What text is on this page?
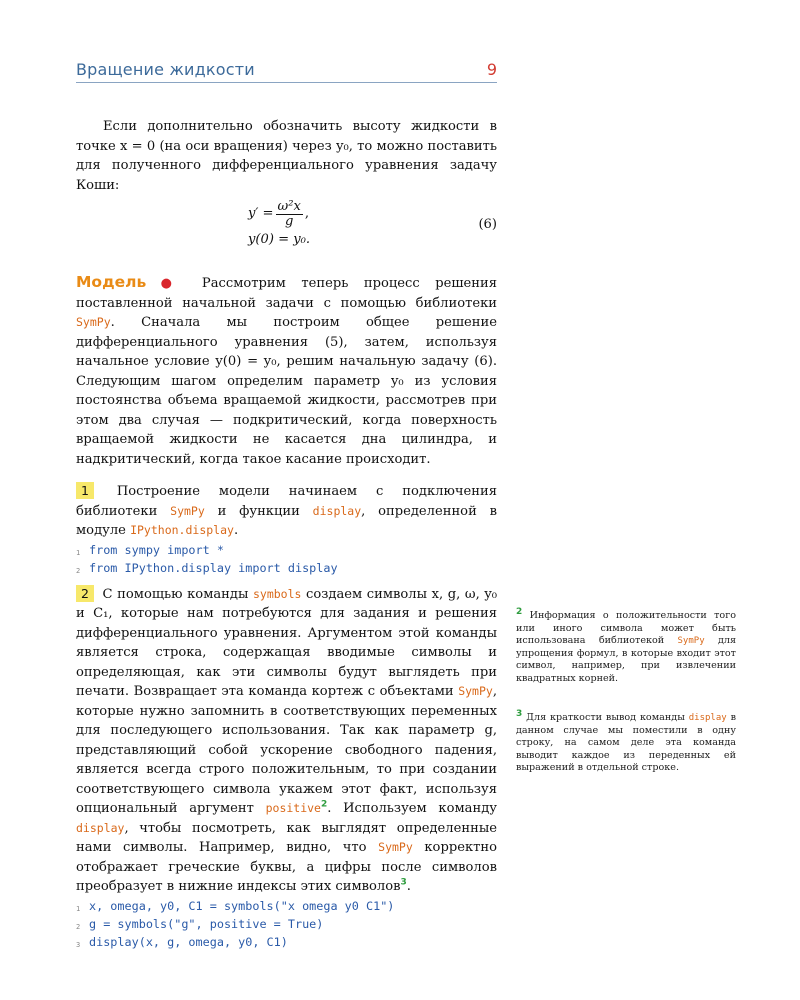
Вращение жидкости	9

Если дополнительно обозначить высоту жидкости в точке x = 0 (на оси вращения) через y₀, то можно поставить для полученного дифференциального уравнения задачу Коши:

$y' = \frac{\text{ω²x}}{g}$ ,
y(0) = y₀.
(6)

Модель ● Рассмотрим теперь процесс решения поставленной начальной задачи с помощью библиотеки SymPy. Сначала мы построим общее решение дифференциального уравнения (5), затем, используя начальное условие y(0) = y₀, решим начальную задачу (6). Следующим шагом определим параметр y₀ из условия постоянства объема вращаемой жидкости, рассмотрев при этом два случая — подкритический, когда поверхность вращаемой жидкости не касается дна цилиндра, и надкритический, когда такое касание происходит.

1 Построение модели начинаем с подключения библиотеки SymPy и функции display, определенной в модуле IPython.display.

1 from sympy import *
2 from IPython.display import display

2 С помощью команды symbols создаем символы x, g, ω, y₀ и C₁, которые нам потребуются для задания и решения дифференциального уравнения. Аргументом этой команды является строка, содержащая вводимые символы и определяющая, как эти символы будут выглядеть при печати. Возвращает эта команда кортеж с объектами SymPy, которые нужно запомнить в соответствующих переменных для последующего использования. Так как параметр g, представляющий собой ускорение свободного падения, является всегда строго положительным, то при создании соответствующего символа укажем этот факт, используя опциональный аргумент positive$^2$. Используем команду display, чтобы посмотреть, как выглядят определенные нами символы. Например, видно, что SymPy корректно отображает греческие буквы, а цифры после символов преобразует в нижние индексы этих символов$^3$.

1 x, omega, y0, C1 = symbols("x omega y0 C1")
2 g = symbols("g", positive = True)
3 display(x, g, omega, y0, C1)
2 Информация о положительности того или иного символа может быть использована библиотекой SymPy для упрощения формул, в которые входит этот символ, например, при извлечении квадратных корней.
3 Для краткости вывод команды display в данном случае мы поместили в одну строку, на самом деле эта команда выводит каждое из переденных ей выражений в отдельной строке.
